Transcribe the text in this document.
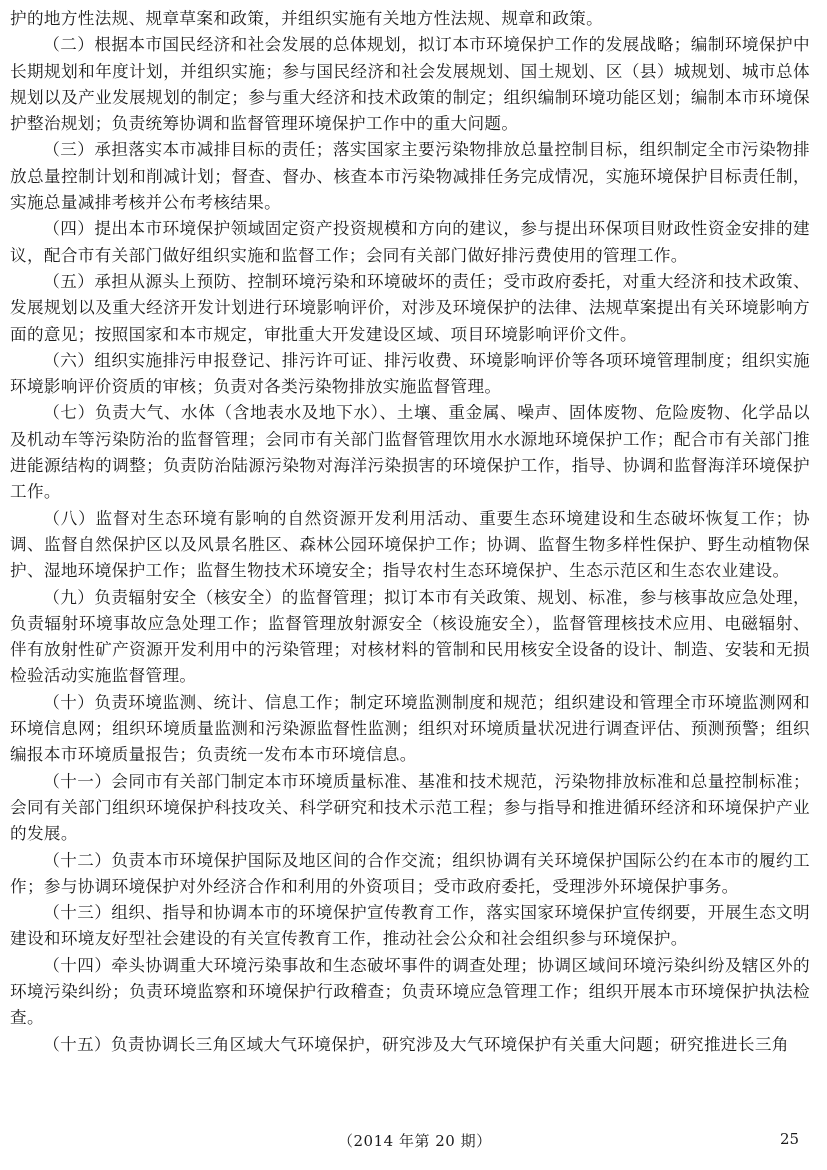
护的地方性法规、规章草案和政策，并组织实施有关地方性法规、规章和政策。

（二）根据本市国民经济和社会发展的总体规划，拟订本市环境保护工作的发展战略；编制环境保护中长期规划和年度计划，并组织实施；参与国民经济和社会发展规划、国土规划、区（县）城规划、城市总体规划以及产业发展规划的制定；参与重大经济和技术政策的制定；组织编制环境功能区划；编制本市环境保护整治规划；负责统筹协调和监督管理环境保护工作中的重大问题。

（三）承担落实本市减排目标的责任；落实国家主要污染物排放总量控制目标，组织制定全市污染物排放总量控制计划和削减计划；督查、督办、核查本市污染物减排任务完成情况，实施环境保护目标责任制，实施总量减排考核并公布考核结果。

（四）提出本市环境保护领域固定资产投资规模和方向的建议，参与提出环保项目财政性资金安排的建议，配合市有关部门做好组织实施和监督工作；会同有关部门做好排污费使用的管理工作。

（五）承担从源头上预防、控制环境污染和环境破坏的责任；受市政府委托，对重大经济和技术政策、发展规划以及重大经济开发计划进行环境影响评价，对涉及环境保护的法律、法规草案提出有关环境影响方面的意见；按照国家和本市规定，审批重大开发建设区域、项目环境影响评价文件。

（六）组织实施排污申报登记、排污许可证、排污收费、环境影响评价等各项环境管理制度；组织实施环境影响评价资质的审核；负责对各类污染物排放实施监督管理。

（七）负责大气、水体（含地表水及地下水）、土壤、重金属、噪声、固体废物、危险废物、化学品以及机动车等污染防治的监督管理；会同市有关部门监督管理饮用水水源地环境保护工作；配合市有关部门推进能源结构的调整；负责防治陆源污染物对海洋污染损害的环境保护工作，指导、协调和监督海洋环境保护工作。

（八）监督对生态环境有影响的自然资源开发利用活动、重要生态环境建设和生态破坏恢复工作；协调、监督自然保护区以及风景名胜区、森林公园环境保护工作；协调、监督生物多样性保护、野生动植物保护、湿地环境保护工作；监督生物技术环境安全；指导农村生态环境保护、生态示范区和生态农业建设。

（九）负责辐射安全（核安全）的监督管理；拟订本市有关政策、规划、标准，参与核事故应急处理，负责辐射环境事故应急处理工作；监督管理放射源安全（核设施安全），监督管理核技术应用、电磁辐射、伴有放射性矿产资源开发利用中的污染管理；对核材料的管制和民用核安全设备的设计、制造、安装和无损检验活动实施监督管理。

（十）负责环境监测、统计、信息工作；制定环境监测制度和规范；组织建设和管理全市环境监测网和环境信息网；组织环境质量监测和污染源监督性监测；组织对环境质量状况进行调查评估、预测预警；组织编报本市环境质量报告；负责统一发布本市环境信息。

（十一）会同市有关部门制定本市环境质量标准、基准和技术规范，污染物排放标准和总量控制标准；会同有关部门组织环境保护科技攻关、科学研究和技术示范工程；参与指导和推进循环经济和环境保护产业的发展。

（十二）负责本市环境保护国际及地区间的合作交流；组织协调有关环境保护国际公约在本市的履约工作；参与协调环境保护对外经济合作和利用的外资项目；受市政府委托，受理涉外环境保护事务。

（十三）组织、指导和协调本市的环境保护宣传教育工作，落实国家环境保护宣传纲要，开展生态文明建设和环境友好型社会建设的有关宣传教育工作，推动社会公众和社会组织参与环境保护。

（十四）牵头协调重大环境污染事故和生态破坏事件的调查处理；协调区域间环境污染纠纷及辖区外的环境污染纠纷；负责环境监察和环境保护行政稽查；负责环境应急管理工作；组织开展本市环境保护执法检查。

（十五）负责协调长三角区域大气环境保护，研究涉及大气环境保护有关重大问题；研究推进长三角

（2014 年第 20 期）	25
